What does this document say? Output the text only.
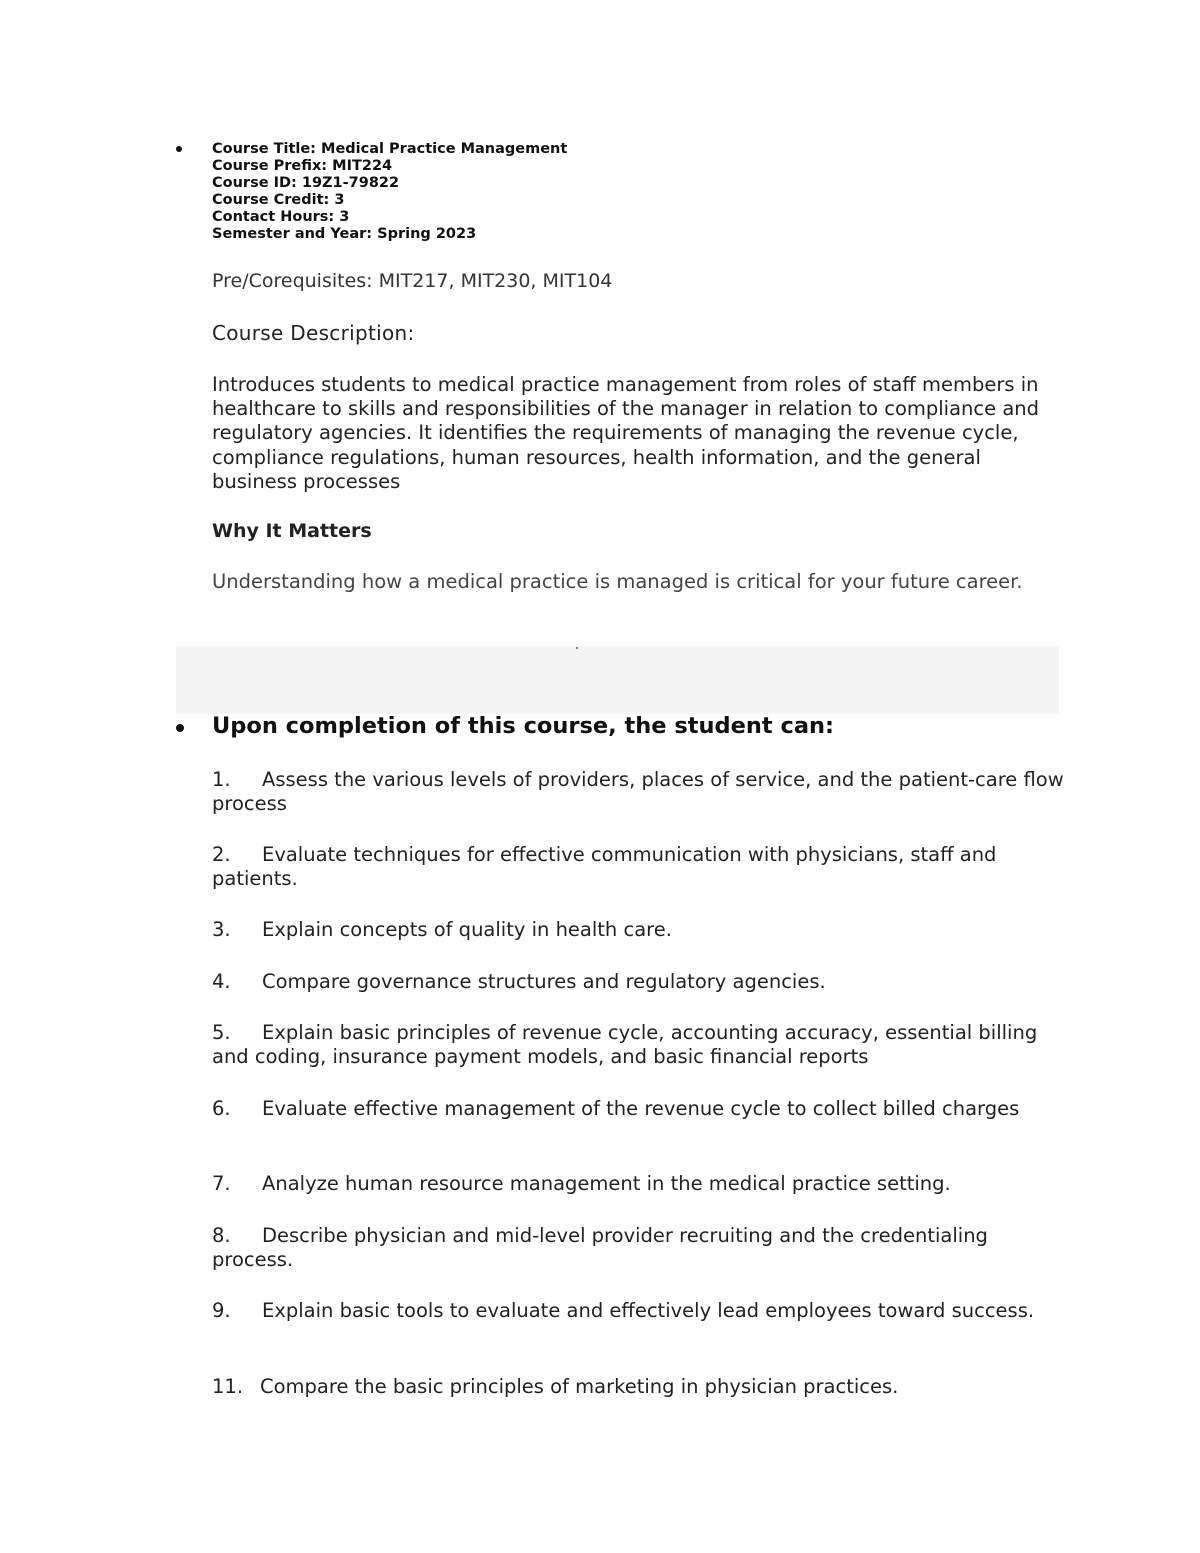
Course Title: Medical Practice Management
Course Prefix: MIT224
Course ID: 19Z1-79822
Course Credit: 3
Contact Hours: 3
Semester and Year: Spring 2023
Pre/Corequisites: MIT217, MIT230, MIT104
Course Description:
Introduces students to medical practice management from roles of staff members in healthcare to skills and responsibilities of the manager in relation to compliance and regulatory agencies. It identifies the requirements of managing the revenue cycle, compliance regulations, human resources, health information, and the general business processes
Why It Matters
Understanding how a medical practice is managed is critical for your future career.
Upon completion of this course, the student can:
1. Assess the various levels of providers, places of service, and the patient-care flow process
2. Evaluate techniques for effective communication with physicians, staff and patients.
3. Explain concepts of quality in health care.
4. Compare governance structures and regulatory agencies.
5. Explain basic principles of revenue cycle, accounting accuracy, essential billing and coding, insurance payment models, and basic financial reports
6. Evaluate effective management of the revenue cycle to collect billed charges
7. Analyze human resource management in the medical practice setting.
8. Describe physician and mid-level provider recruiting and the credentialing process.
9. Explain basic tools to evaluate and effectively lead employees toward success.
11. Compare the basic principles of marketing in physician practices.
